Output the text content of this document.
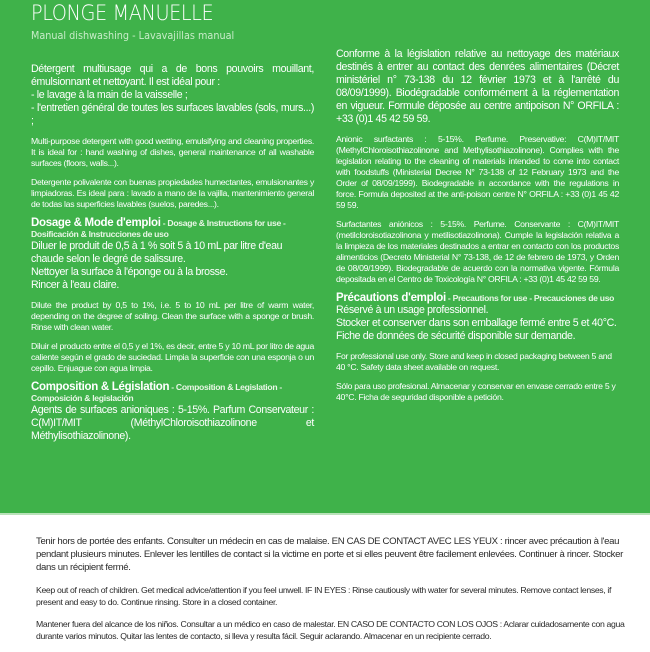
PLONGE MANUELLE
Manual dishwashing - Lavavajillas manual
Détergent multiusage qui a de bons pouvoirs mouillant, émulsionnant et nettoyant. Il est idéal pour :
- le lavage à la main de la vaisselle ;
- l'entretien général de toutes les surfaces lavables (sols, murs...) ;

Multi-purpose detergent with good wetting, emulsifying and cleaning properties. It is ideal for : hand washing of dishes, general maintenance of all washable surfaces (floors, walls...).

Detergente polivalente con buenas propiedades humectantes, emulsionantes y limpiadoras. Es ideal para : lavado a mano de la vajilla, mantenimiento general de todas las superficies lavables (suelos, paredes...).

Dosage & Mode d'emploi - Dosage & Instructions for use - Dosificación & Instrucciones de uso

Diluer le produit de 0,5 à 1 % soit 5 à 10 mL par litre d'eau chaude selon le degré de salissure.
Nettoyer la surface à l'éponge ou à la brosse.
Rincer à l'eau claire.

Dilute the product by 0,5 to 1%, i.e. 5 to 10 mL per litre of warm water, depending on the degree of soiling. Clean the surface with a sponge or brush. Rinse with clean water.

Diluir el producto entre el 0,5 y el 1%, es decir, entre 5 y 10 mL por litro de agua caliente según el grado de suciedad. Limpia la superficie con una esponja o un cepillo. Enjuague con agua limpia.

Composition & Législation - Composition & Legislation - Composición & legislación

Agents de surfaces anioniques : 5-15%. Parfum Conservateur : C(M)IT/MIT (MéthylChloroisothiazolinone et Méthylisothiazolinone).

Conforme à la législation relative au nettoyage des matériaux destinés à entrer au contact des denrées alimentaires (Décret ministériel n° 73-138 du 12 février 1973 et à l'arrêté du 08/09/1999). Biodégradable conformément à la réglementation en vigueur. Formule déposée au centre antipoison N° ORFILA : +33 (0)1 45 42 59 59.

Anionic surfactants : 5-15%. Perfume. Preservative: C(M)IT/MIT (MethylChloroisothiazolinone and Methylisothiazolinone). Complies with the legislation relating to the cleaning of materials intended to come into contact with foodstuffs (Ministerial Decree N° 73-138 of 12 February 1973 and the Order of 08/09/1999). Biodegradable in accordance with the regulations in force. Formula deposited at the anti-poison centre N° ORFILA : +33 (0)1 45 42 59 59.

Surfactantes aniónicos : 5-15%. Perfume. Conservante : C(M)IT/MIT (metilcloroisotiazolinona y metilisotiazolinona). Cumple la legislación relativa a la limpieza de los materiales destinados a entrar en contacto con los productos alimenticios (Decreto Ministerial N° 73-138, de 12 de febrero de 1973, y Orden de 08/09/1999). Biodegradable de acuerdo con la normativa vigente. Fórmula depositada en el Centro de Toxicología N° ORFILA : +33 (0)1 45 42 59 59.

Précautions d'emploi - Precautions for use - Precauciones de uso

Réservé à un usage professionnel.
Stocker et conserver dans son emballage fermé entre 5 et 40°C.
Fiche de données de sécurité disponible sur demande.

For professional use only. Store and keep in closed packaging between 5 and 40 °C. Safety data sheet available on request.

Sólo para uso profesional. Almacenar y conservar en envase cerrado entre 5 y 40°C. Ficha de seguridad disponible a petición.

Tenir hors de portée des enfants. Consulter un médecin en cas de malaise. EN CAS DE CONTACT AVEC LES YEUX : rincer avec précaution à l'eau pendant plusieurs minutes. Enlever les lentilles de contact si la victime en porte et si elles peuvent être facilement enlevées. Continuer à rincer. Stocker dans un récipient fermé.

Keep out of reach of children. Get medical advice/attention if you feel unwell. IF IN EYES : Rinse cautiously with water for several minutes. Remove contact lenses, if present and easy to do. Continue rinsing. Store in a closed container.

Mantener fuera del alcance de los niños. Consultar a un médico en caso de malestar. EN CASO DE CONTACTO CON LOS OJOS : Aclarar cuidadosamente con agua durante varios minutos. Quitar las lentes de contacto, si lleva y resulta fácil. Seguir aclarando. Almacenar en un recipiente cerrado.
